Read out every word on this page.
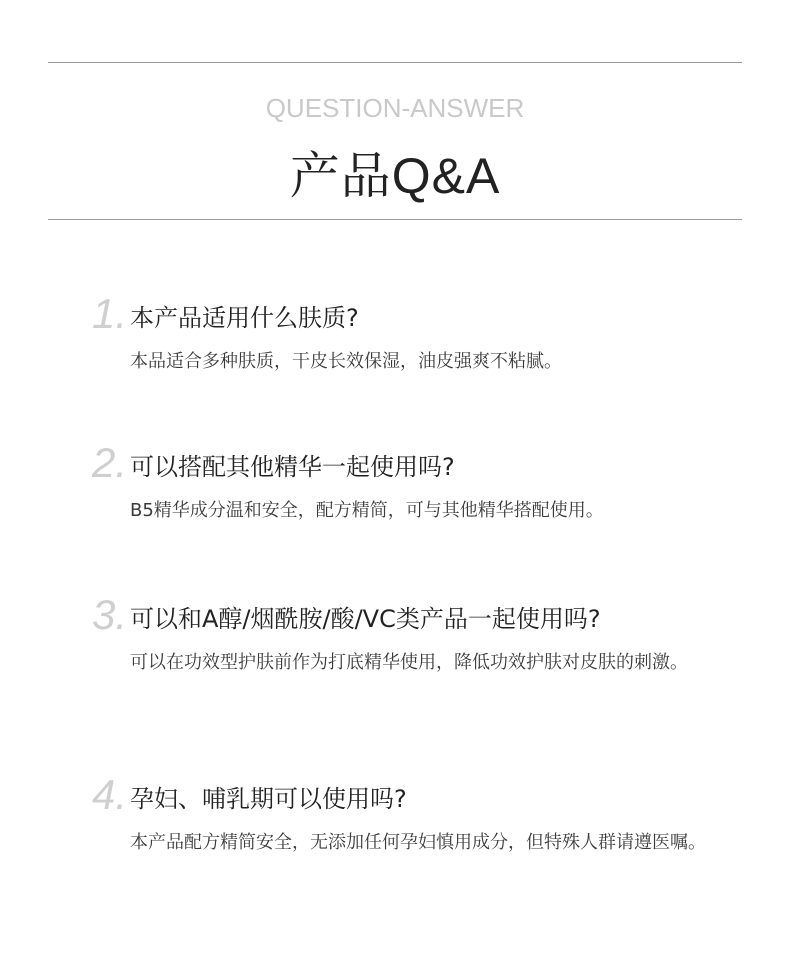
QUESTION-ANSWER
产品Q&A
1. 本产品适用什么肤质?
本品适合多种肤质，干皮长效保湿，油皮强爽不粘腻。
2. 可以搭配其他精华一起使用吗?
B5精华成分温和安全，配方精简，可与其他精华搭配使用。
3. 可以和A醇/烟酰胺/酸/VC类产品一起使用吗?
可以在功效型护肤前作为打底精华使用，降低功效护肤对皮肤的刺激。
4. 孕妇、哺乳期可以使用吗?
本产品配方精简安全，无添加任何孕妇慎用成分，但特殊人群请遵医嘱。
